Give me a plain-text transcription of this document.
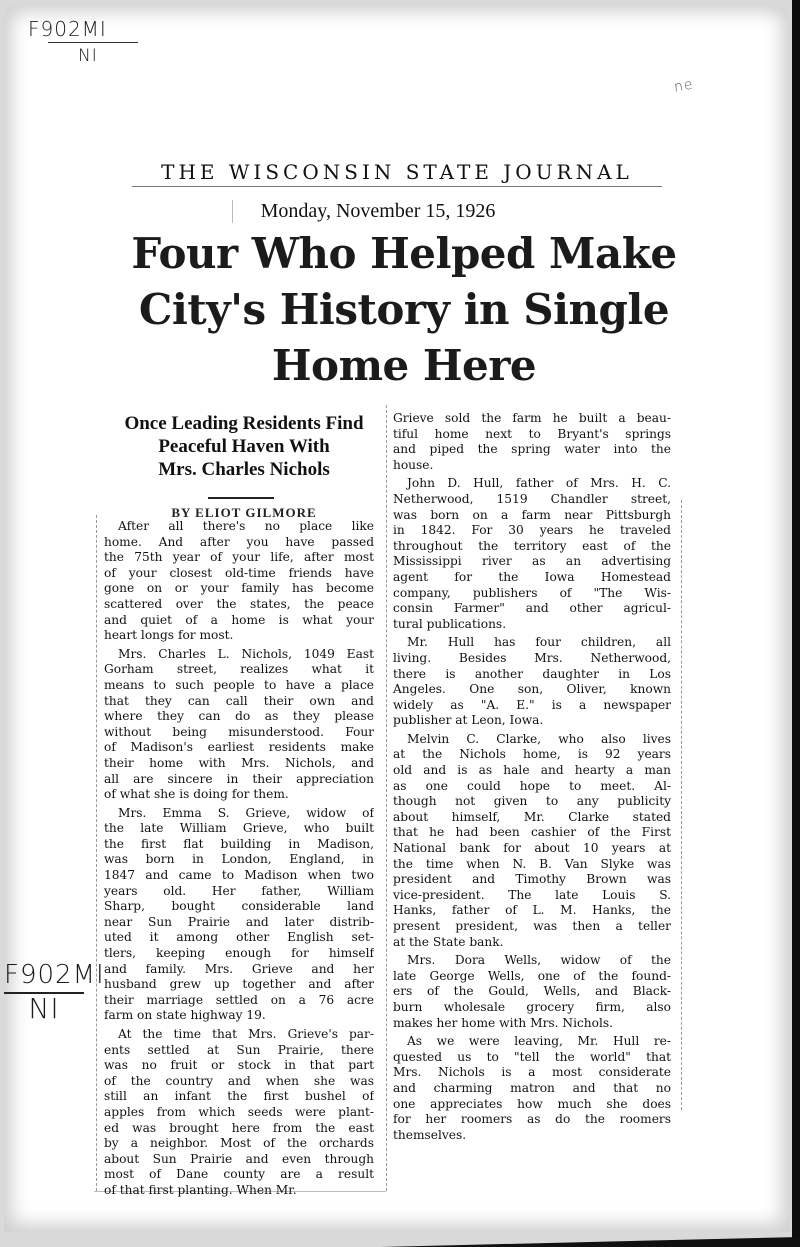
F902MI
NI
ne
F902MI
NI
THE WISCONSIN STATE JOURNAL
Monday, November 15, 1926
Four Who Helped Make
City's History in Single
Home Here
Once Leading Residents Find
Peaceful Haven With
Mrs. Charles Nichols
BY ELIOT GILMORE

After all there's no place like
home. And after you have passed
the 75th year of your life, after most
of your closest old-time friends have
gone on or your family has become
scattered over the states, the peace
and quiet of a home is what your
heart longs for most.

Mrs. Charles L. Nichols, 1049 East
Gorham street, realizes what it
means to such people to have a place
that they can call their own and
where they can do as they please
without being misunderstood. Four
of Madison's earliest residents make
their home with Mrs. Nichols, and
all are sincere in their appreciation
of what she is doing for them.

Mrs. Emma S. Grieve, widow of
the late William Grieve, who built
the first flat building in Madison,
was born in London, England, in
1847 and came to Madison when two
years old. Her father, William
Sharp, bought considerable land
near Sun Prairie and later distrib-
uted it among other English set-
tlers, keeping enough for himself
and family. Mrs. Grieve and her
husband grew up together and after
their marriage settled on a 76 acre
farm on state highway 19.

At the time that Mrs. Grieve's par-
ents settled at Sun Prairie, there
was no fruit or stock in that part
of the country and when she was
still an infant the first bushel of
apples from which seeds were plant-
ed was brought here from the east
by a neighbor. Most of the orchards
about Sun Prairie and even through
most of Dane county are a result
of that first planting. When Mr.

Grieve sold the farm he built a beau-
tiful home next to Bryant's springs
and piped the spring water into the
house.

John D. Hull, father of Mrs. H. C.
Netherwood, 1519 Chandler street,
was born on a farm near Pittsburgh
in 1842. For 30 years he traveled
throughout the territory east of the
Mississippi river as an advertising
agent for the Iowa Homestead
company, publishers of "The Wis-
consin Farmer" and other agricul-
tural publications.

Mr. Hull has four children, all
living. Besides Mrs. Netherwood,
there is another daughter in Los
Angeles. One son, Oliver, known
widely as "A. E." is a newspaper
publisher at Leon, Iowa.

Melvin C. Clarke, who also lives
at the Nichols home, is 92 years
old and is as hale and hearty a man
as one could hope to meet. Al-
though not given to any publicity
about himself, Mr. Clarke stated
that he had been cashier of the First
National bank for about 10 years at
the time when N. B. Van Slyke was
president and Timothy Brown was
vice-president. The late Louis S.
Hanks, father of L. M. Hanks, the
present president, was then a teller
at the State bank.

Mrs. Dora Wells, widow of the
late George Wells, one of the found-
ers of the Gould, Wells, and Black-
burn wholesale grocery firm, also
makes her home with Mrs. Nichols.

As we were leaving, Mr. Hull re-
quested us to "tell the world" that
Mrs. Nichols is a most considerate
and charming matron and that no
one appreciates how much she does
for her roomers as do the roomers
themselves.
